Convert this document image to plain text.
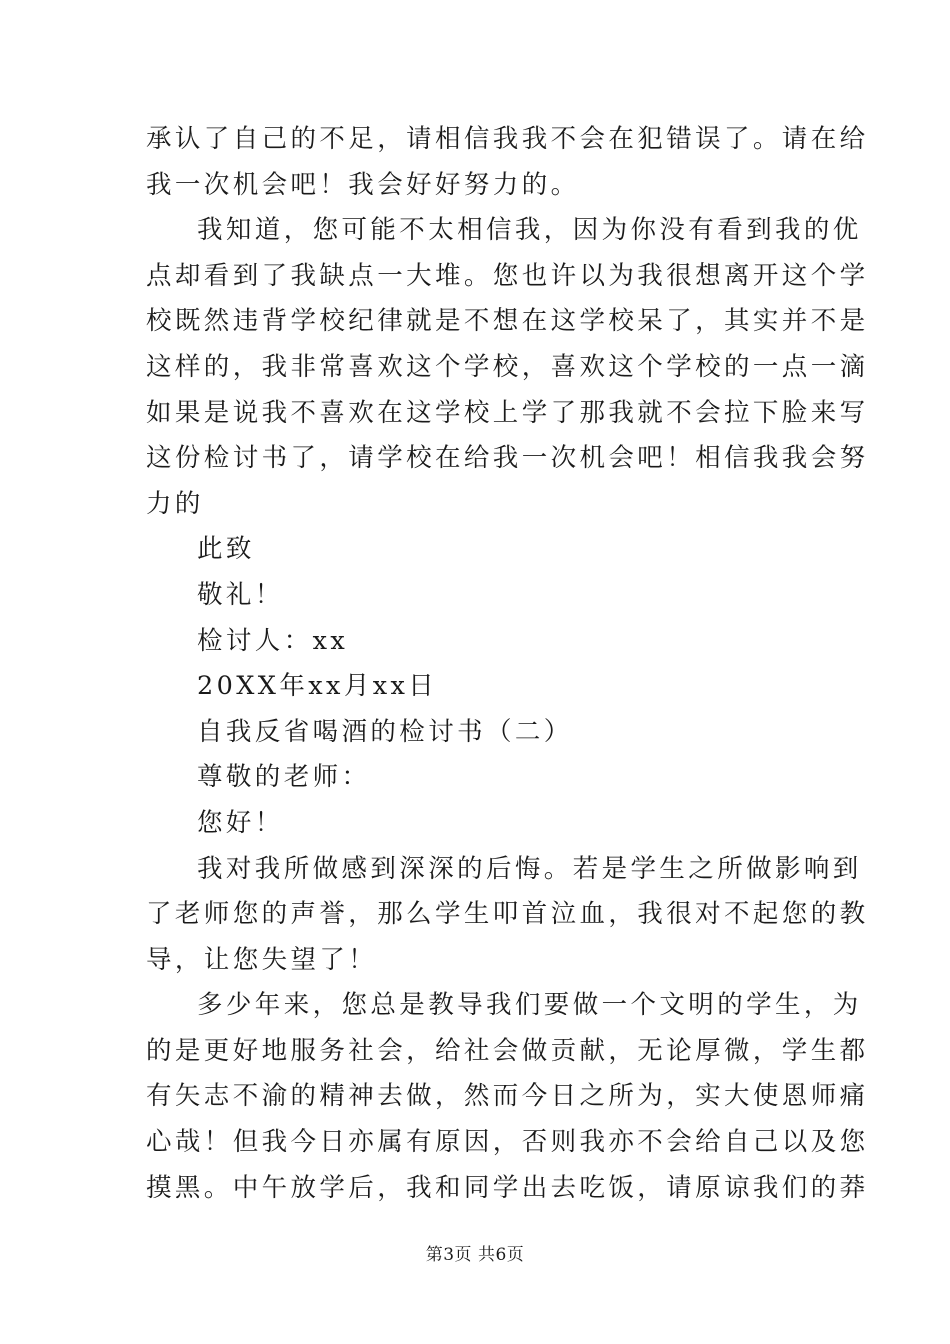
承认了自己的不足，请相信我我不会在犯错误了。请在给
我一次机会吧！我会好好努力的。
我知道，您可能不太相信我，因为你没有看到我的优
点却看到了我缺点一大堆。您也许以为我很想离开这个学
校既然违背学校纪律就是不想在这学校呆了，其实并不是
这样的，我非常喜欢这个学校，喜欢这个学校的一点一滴
如果是说我不喜欢在这学校上学了那我就不会拉下脸来写
这份检讨书了，请学校在给我一次机会吧！相信我我会努
力的
此致
敬礼！
检讨人：xx
20XX年xx月xx日
自我反省喝酒的检讨书（二）
尊敬的老师：
您好！
我对我所做感到深深的后悔。若是学生之所做影响到
了老师您的声誉，那么学生叩首泣血，我很对不起您的教
导，让您失望了！
多少年来，您总是教导我们要做一个文明的学生，为
的是更好地服务社会，给社会做贡献，无论厚微，学生都
有矢志不渝的精神去做，然而今日之所为，实大使恩师痛
心哉！但我今日亦属有原因，否则我亦不会给自己以及您
摸黑。中午放学后，我和同学出去吃饭，请原谅我们的莽
第3页 共6页
